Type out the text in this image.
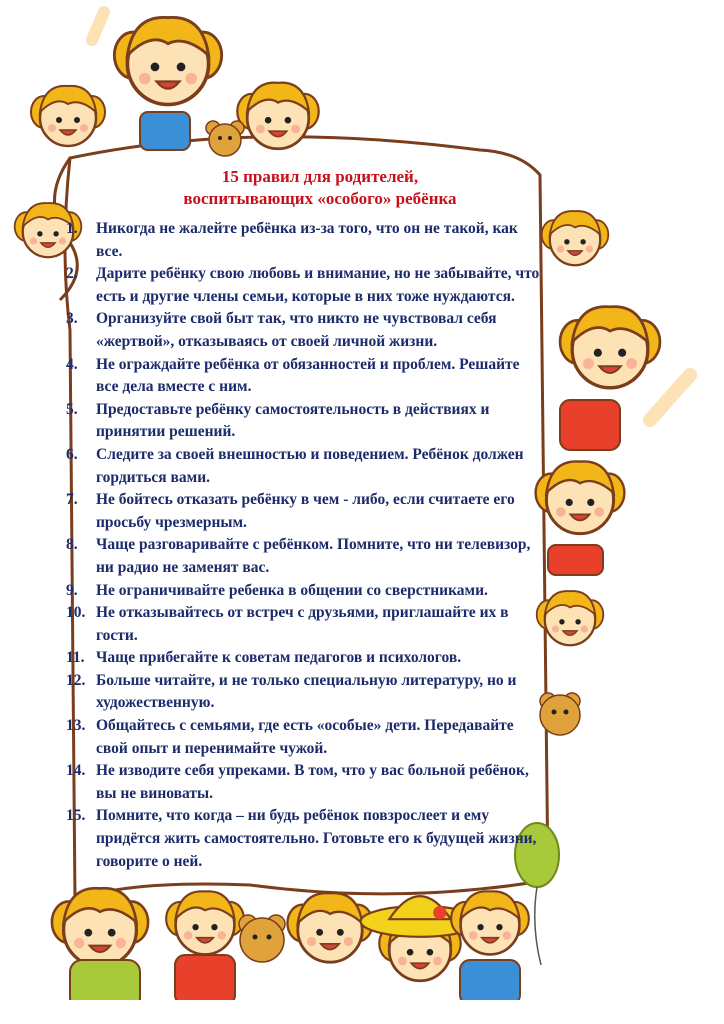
15 правил для родителей,
воспитывающих «особого» ребёнка
1. Никогда не жалейте ребёнка из-за того, что он не такой, как все.
2. Дарите ребёнку свою любовь и внимание, но не забывайте, что есть и другие члены семьи, которые в них тоже нуждаются.
3. Организуйте свой быт так, что никто не чувствовал себя «жертвой», отказываясь от своей личной жизни.
4. Не ограждайте ребёнка от обязанностей и проблем. Решайте все дела вместе с ним.
5. Предоставьте ребёнку самостоятельность в действиях и принятии решений.
6. Следите за своей внешностью и поведением. Ребёнок должен гордиться вами.
7. Не бойтесь отказать ребёнку в чем - либо, если считаете его просьбу чрезмерным.
8. Чаще разговаривайте с ребёнком. Помните, что ни телевизор, ни радио не заменят вас.
9. Не ограничивайте ребенка в общении со сверстниками.
10. Не отказывайтесь от встреч с друзьями, приглашайте их в гости.
11. Чаще прибегайте к советам педагогов и психологов.
12. Больше читайте, и не только специальную литературу, но и художественную.
13. Общайтесь с семьями, где есть «особые» дети. Передавайте свой опыт и перенимайте чужой.
14. Не изводите себя упреками. В том, что у вас больной ребёнок, вы не виноваты.
15. Помните, что когда – ни будь ребёнок повзрослеет и ему придётся жить самостоятельно. Готовьте его к будущей жизни, говорите о ней.
